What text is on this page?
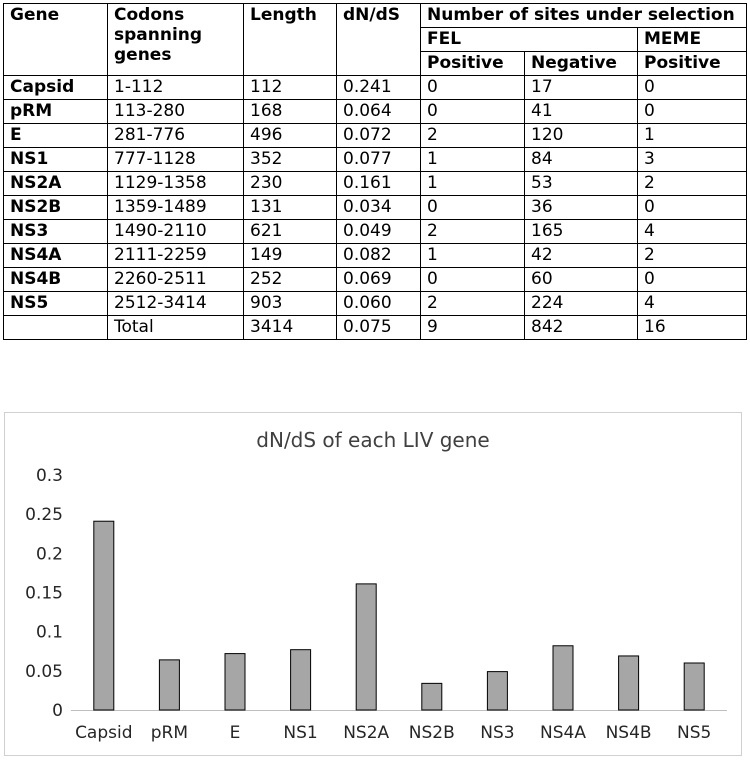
Gene	Codons spanning genes	Length	dN/dS	Number of sites under selection		
				FEL		MEME
				Positive	Negative	Positive
Capsid	1-112	112	0.241	0	17	0
pRM	113-280	168	0.064	0	41	0
E	281-776	496	0.072	2	120	1
NS1	777-1128	352	0.077	1	84	3
NS2A	1129-1358	230	0.161	1	53	2
NS2B	1359-1489	131	0.034	0	36	0
NS3	1490-2110	621	0.049	2	165	4
NS4A	2111-2259	149	0.082	1	42	2
NS4B	2260-2511	252	0.069	0	60	0
NS5	2512-3414	903	0.060	2	224	4
	Total	3414	0.075	9	842	16
dN/dS of each LIV gene
0
0.05
0.1
0.15
0.2
0.25
0.3
Capsid pRM E	NS1 NS2A NS2B NS3 NS4A NS4B NS5
